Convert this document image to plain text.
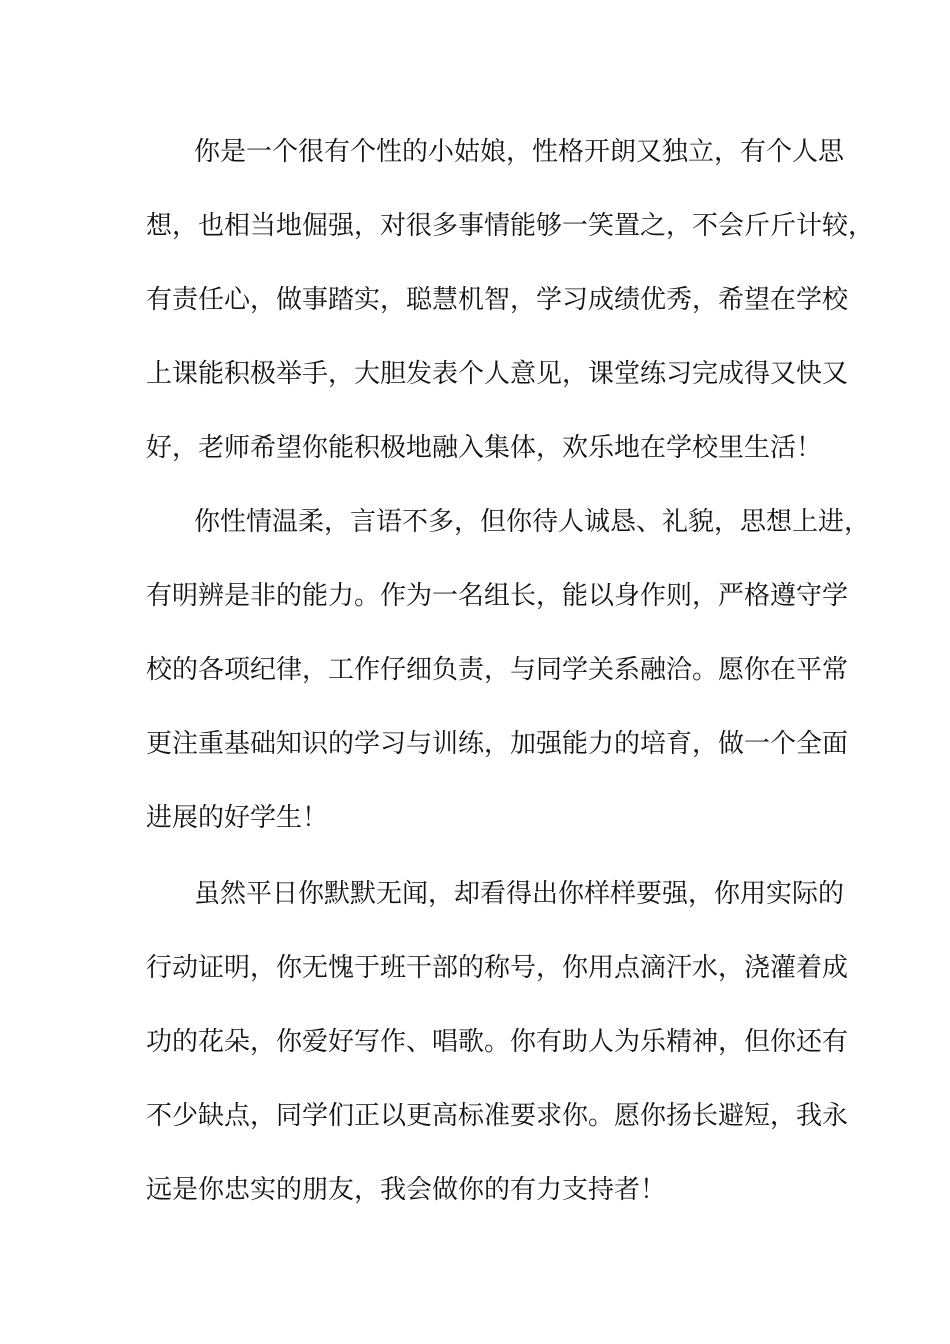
你是一个很有个性的小姑娘，性格开朗又独立，有个人思
想，也相当地倔强，对很多事情能够一笑置之，不会斤斤计较，
有责任心，做事踏实，聪慧机智，学习成绩优秀，希望在学校
上课能积极举手，大胆发表个人意见，课堂练习完成得又快又
好，老师希望你能积极地融入集体，欢乐地在学校里生活！
你性情温柔，言语不多，但你待人诚恳、礼貌，思想上进，
有明辨是非的能力。作为一名组长，能以身作则，严格遵守学
校的各项纪律，工作仔细负责，与同学关系融洽。愿你在平常
更注重基础知识的学习与训练，加强能力的培育，做一个全面
进展的好学生！
虽然平日你默默无闻，却看得出你样样要强，你用实际的
行动证明，你无愧于班干部的称号，你用点滴汗水，浇灌着成
功的花朵，你爱好写作、唱歌。你有助人为乐精神，但你还有
不少缺点，同学们正以更高标准要求你。愿你扬长避短，我永
远是你忠实的朋友，我会做你的有力支持者！
